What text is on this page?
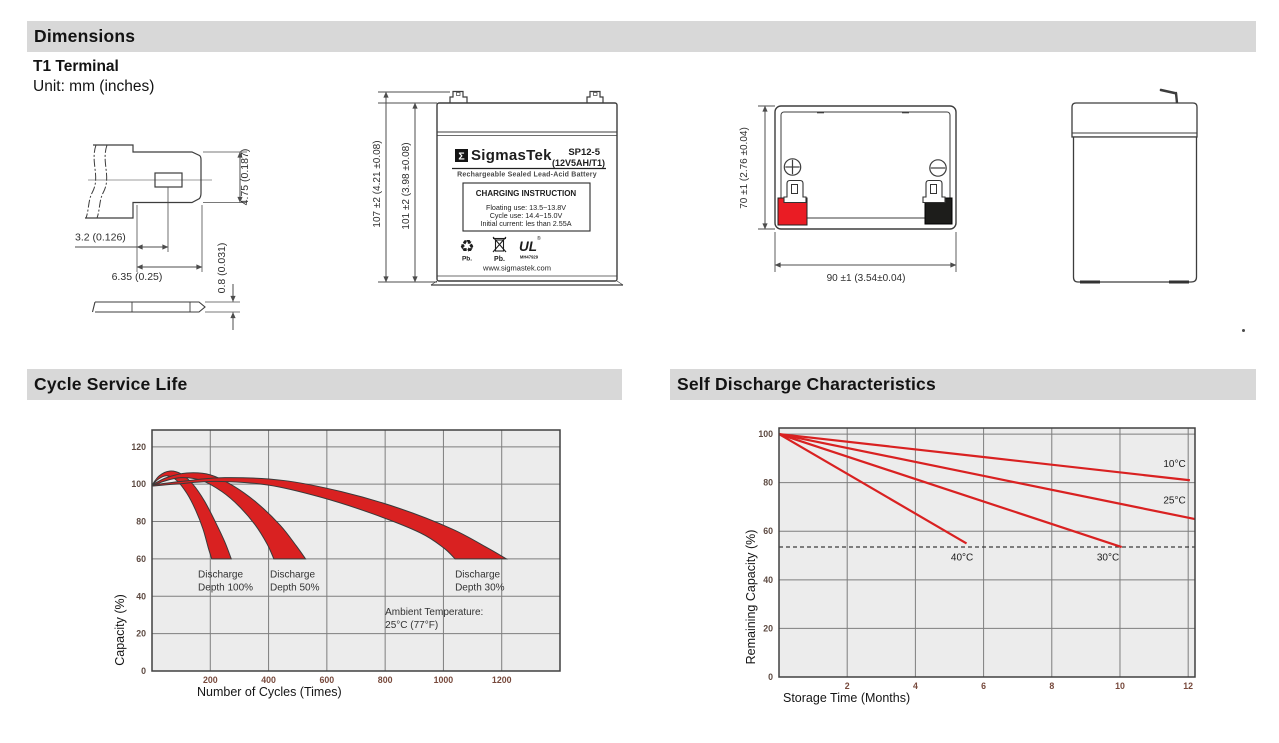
Dimensions
T1 Terminal
Unit: mm (inches)
Cycle Service Life	Self Discharge Characteristics
4.75 (0.187)
3.2 (0.126)
6.35 (0.25)	0.8 (0.031)
107 ±2 (4.21 ±0.08) 101 ±2 (3.98 ±0.08)	Σ SigmasTek SP12-5
(12V5AH/T1)
Rechargeable Sealed Lead-Acid Battery
CHARGING INSTRUCTION
Floating use: 13.5~13.8V
Cycle use: 14.4~15.0V
Initial current: les than 2.55A
♻
Pb.	Pb.
UL ®
MH47929
www.sigmastek.com
70 ±1 (2.76 ±0.04)
90 ±1 (3.54±0.04)
Discharge Depth 100%
Discharge Depth 50%
Discharge Depth 30%
Ambient Temperature: 25°C (77°F)
200	400	600	800	1000	1200
0
20
40
60
80
100
120
Number of Cycles (Times)
Capacity (%)
10°C
25°C
30°C
40°C
2	4	6	8	10	12
0
20
40
60
80
100
Storage Time (Months)
Remaining Capacity (%)
